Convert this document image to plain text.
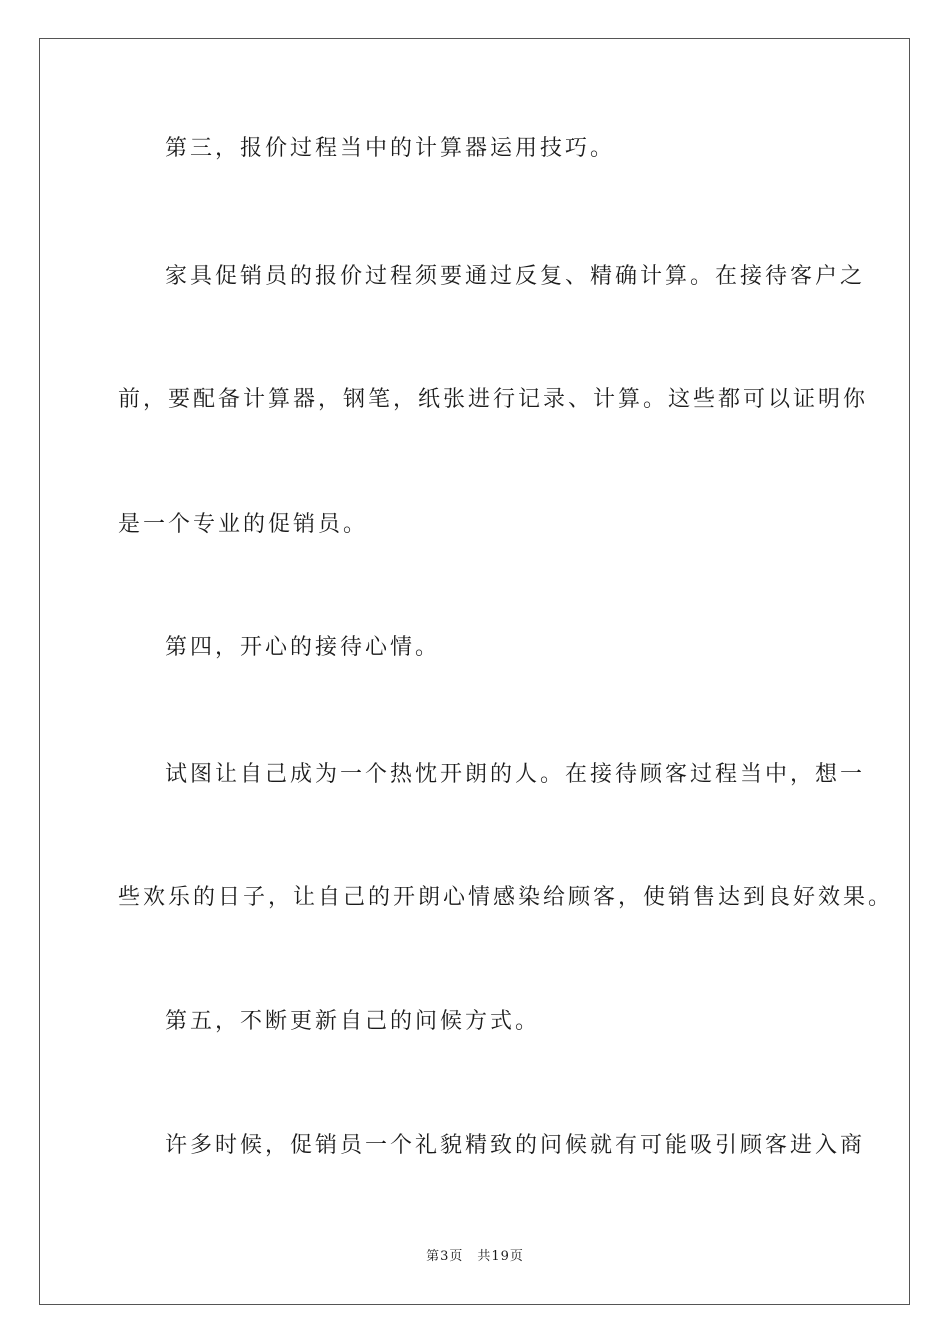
第三，报价过程当中的计算器运用技巧。

家具促销员的报价过程须要通过反复、精确计算。在接待客户之

前，要配备计算器，钢笔，纸张进行记录、计算。这些都可以证明你

是一个专业的促销员。

第四，开心的接待心情。

试图让自己成为一个热忱开朗的人。在接待顾客过程当中，想一

些欢乐的日子，让自己的开朗心情感染给顾客，使销售达到良好效果。

第五，不断更新自己的问候方式。

许多时候，促销员一个礼貌精致的问候就有可能吸引顾客进入商

第3页 共19页
